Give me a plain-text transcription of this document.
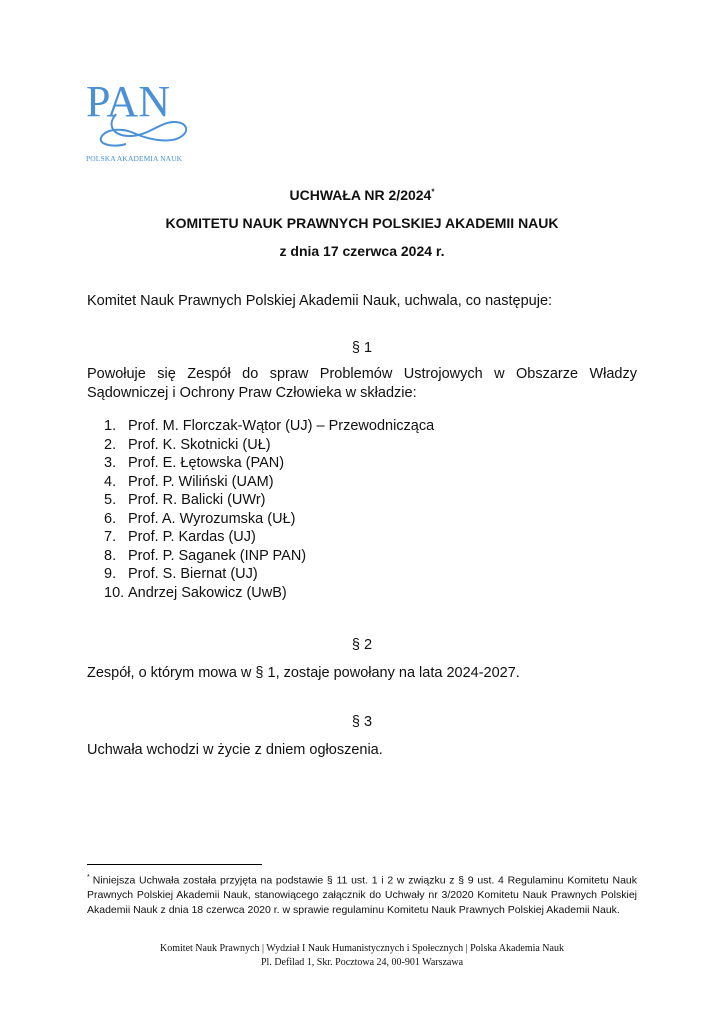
PAN
POLSKA AKADEMIA NAUK
UCHWAŁA NR 2/2024*
KOMITETU NAUK PRAWNYCH POLSKIEJ AKADEMII NAUK
z dnia 17 czerwca 2024 r.
Komitet Nauk Prawnych Polskiej Akademii Nauk, uchwala, co następuje:
§ 1
Powołuje się Zespół do spraw Problemów Ustrojowych w Obszarze Władzy Sądowniczej i Ochrony Praw Człowieka w składzie:
1. Prof. M. Florczak-Wątor (UJ) – Przewodnicząca
2. Prof. K. Skotnicki (UŁ)
3. Prof. E. Łętowska (PAN)
4. Prof. P. Wiliński (UAM)
5. Prof. R. Balicki (UWr)
6. Prof. A. Wyrozumska (UŁ)
7. Prof. P. Kardas (UJ)
8. Prof. P. Saganek (INP PAN)
9. Prof. S. Biernat (UJ)
10. Andrzej Sakowicz (UwB)
§ 2
Zespół, o którym mowa w § 1, zostaje powołany na lata 2024-2027.
§ 3
Uchwała wchodzi w życie z dniem ogłoszenia.
* Niniejsza Uchwała została przyjęta na podstawie § 11 ust. 1 i 2 w związku z § 9 ust. 4 Regulaminu Komitetu Nauk Prawnych Polskiej Akademii Nauk, stanowiącego załącznik do Uchwały nr 3/2020 Komitetu Nauk Prawnych Polskiej Akademii Nauk z dnia 18 czerwca 2020 r. w sprawie regulaminu Komitetu Nauk Prawnych Polskiej Akademii Nauk.
Komitet Nauk Prawnych | Wydział I Nauk Humanistycznych i Społecznych | Polska Akademia Nauk
Pl. Defilad 1, Skr. Pocztowa 24, 00-901 Warszawa
